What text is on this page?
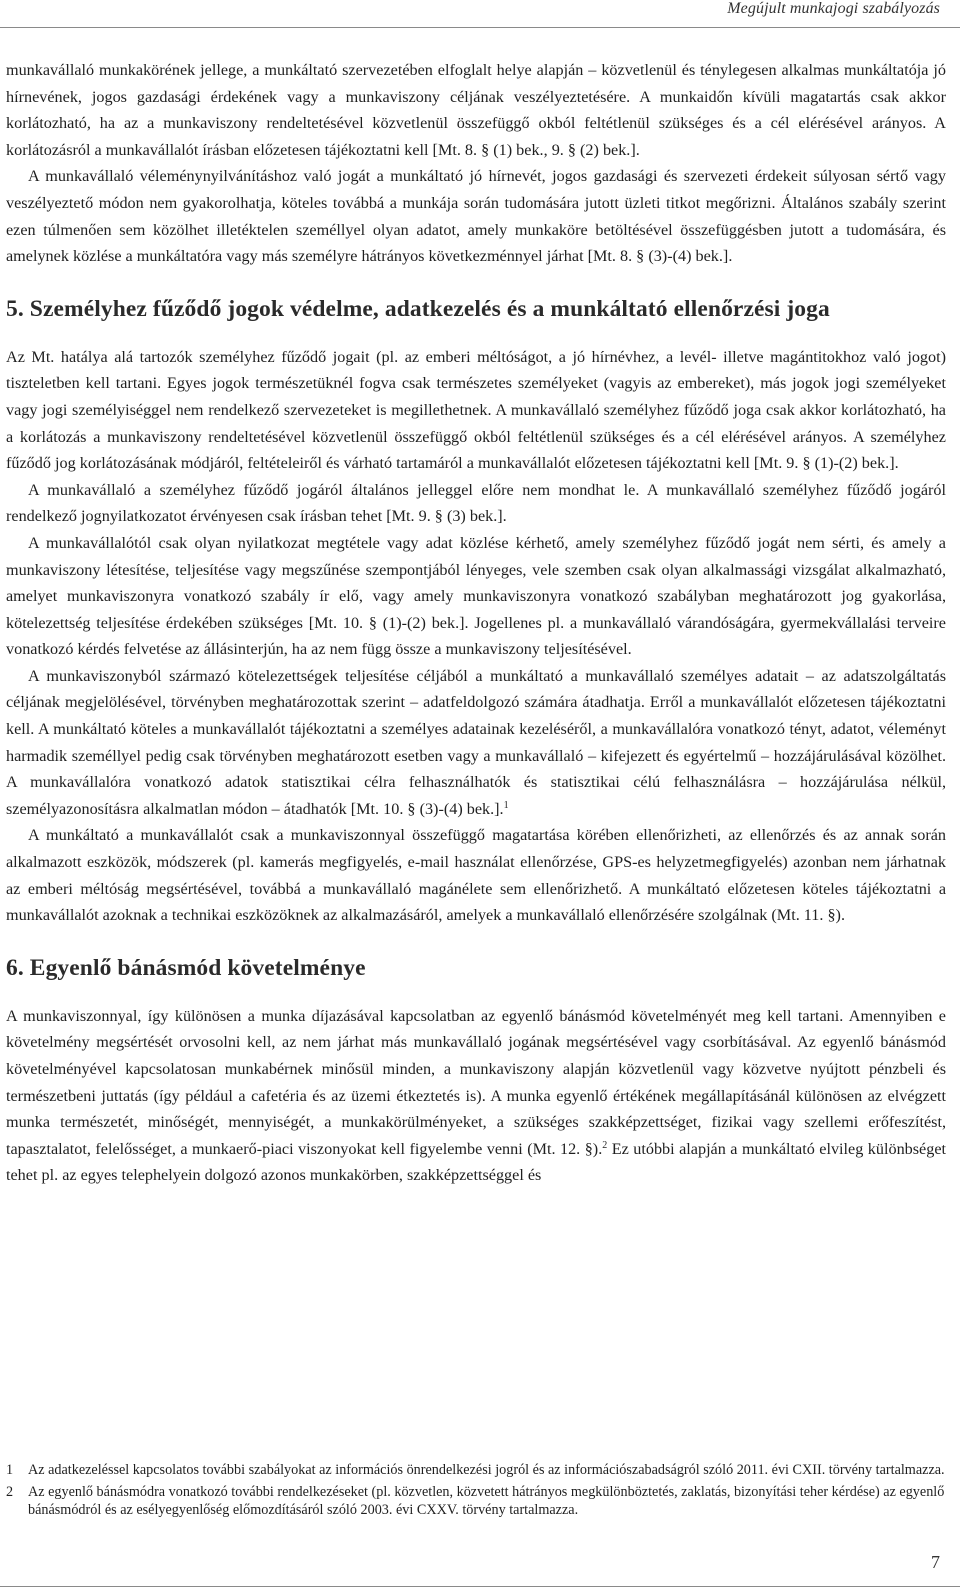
Megújult munkajogi szabályozás

munkavállaló munkakörének jellege, a munkáltató szervezetében elfoglalt helye alapján – közvetlenül és ténylegesen alkalmas munkáltatója jó hírnevének, jogos gazdasági érdekének vagy a munkaviszony céljának veszélyeztetésére. A munkaidőn kívüli magatartás csak akkor korlátozható, ha az a munkaviszony rendeltetésével közvetlenül összefüggő okból feltétlenül szükséges és a cél elérésével arányos. A korlátozásról a munkavállalót írásban előzetesen tájékoztatni kell [Mt. 8. § (1) bek., 9. § (2) bek.].

A munkavállaló véleménynyilvánításhoz való jogát a munkáltató jó hírnevét, jogos gazdasági és szervezeti érdekeit súlyosan sértő vagy veszélyeztető módon nem gyakorolhatja, köteles továbbá a munkája során tudomására jutott üzleti titkot megőrizni. Általános szabály szerint ezen túlmenően sem közölhet illetéktelen személlyel olyan adatot, amely munkaköre betöltésével összefüggésben jutott a tudomására, és amelynek közlése a munkáltatóra vagy más személyre hátrányos következménnyel járhat [Mt. 8. § (3)-(4) bek.].

5. Személyhez fűződő jogok védelme, adatkezelés és a munkáltató ellenőrzési joga

Az Mt. hatálya alá tartozók személyhez fűződő jogait (pl. az emberi méltóságot, a jó hírnévhez, a levél- illetve magántitokhoz való jogot) tiszteletben kell tartani. Egyes jogok természetüknél fogva csak természetes személyeket (vagyis az embereket), más jogok jogi személyeket vagy jogi személyiséggel nem rendelkező szervezeteket is megillethetnek. A munkavállaló személyhez fűződő joga csak akkor korlátozható, ha a korlátozás a munkaviszony rendeltetésével közvetlenül összefüggő okból feltétlenül szükséges és a cél elérésével arányos. A személyhez fűződő jog korlátozásának módjáról, feltételeiről és várható tartamáról a munkavállalót előzetesen tájékoztatni kell [Mt. 9. § (1)-(2) bek.].

A munkavállaló a személyhez fűződő jogáról általános jelleggel előre nem mondhat le. A munkavállaló személyhez fűződő jogáról rendelkező jognyilatkozatot érvényesen csak írásban tehet [Mt. 9. § (3) bek.].

A munkavállalótól csak olyan nyilatkozat megtétele vagy adat közlése kérhető, amely személyhez fűződő jogát nem sérti, és amely a munkaviszony létesítése, teljesítése vagy megszűnése szempontjából lényeges, vele szemben csak olyan alkalmassági vizsgálat alkalmazható, amelyet munkaviszonyra vonatkozó szabály ír elő, vagy amely munkaviszonyra vonatkozó szabályban meghatározott jog gyakorlása, kötelezettség teljesítése érdekében szükséges [Mt. 10. § (1)-(2) bek.]. Jogellenes pl. a munkavállaló várandóságára, gyermekvállalási terveire vonatkozó kérdés felvetése az állásinterjún, ha az nem függ össze a munkaviszony teljesítésével.

A munkaviszonyból származó kötelezettségek teljesítése céljából a munkáltató a munkavállaló személyes adatait – az adatszolgáltatás céljának megjelölésével, törvényben meghatározottak szerint – adatfeldolgozó számára átadhatja. Erről a munkavállalót előzetesen tájékoztatni kell. A munkáltató köteles a munkavállalót tájékoztatni a személyes adatainak kezeléséről, a munkavállalóra vonatkozó tényt, adatot, véleményt harmadik személlyel pedig csak törvényben meghatározott esetben vagy a munkavállaló – kifejezett és egyértelmű – hozzájárulásával közölhet. A munkavállalóra vonatkozó adatok statisztikai célra felhasználhatók és statisztikai célú felhasználásra – hozzájárulása nélkül, személyazonosításra alkalmatlan módon – átadhatók [Mt. 10. § (3)-(4) bek.].$^1$

A munkáltató a munkavállalót csak a munkaviszonnyal összefüggő magatartása körében ellenőrizheti, az ellenőrzés és az annak során alkalmazott eszközök, módszerek (pl. kamerás megfigyelés, e-mail használat ellenőrzése, GPS-es helyzetmegfigyelés) azonban nem járhatnak az emberi méltóság megsértésével, továbbá a munkavállaló magánélete sem ellenőrizhető. A munkáltató előzetesen köteles tájékoztatni a munkavállalót azoknak a technikai eszközöknek az alkalmazásáról, amelyek a munkavállaló ellenőrzésére szolgálnak (Mt. 11. §).

6. Egyenlő bánásmód követelménye

A munkaviszonnyal, így különösen a munka díjazásával kapcsolatban az egyenlő bánásmód követelményét meg kell tartani. Amennyiben e követelmény megsértését orvosolni kell, az nem járhat más munkavállaló jogának megsértésével vagy csorbításával. Az egyenlő bánásmód követelményével kapcsolatosan munkabérnek minősül minden, a munkaviszony alapján közvetlenül vagy közvetve nyújtott pénzbeli és természetbeni juttatás (így például a cafetéria és az üzemi étkeztetés is). A munka egyenlő értékének megállapításánál különösen az elvégzett munka természetét, minőségét, mennyiségét, a munkakörülményeket, a szükséges szakképzettséget, fizikai vagy szellemi erőfeszítést, tapasztalatot, felelősséget, a munkaerő-piaci viszonyokat kell figyelembe venni (Mt. 12. §).$^2$ Ez utóbbi alapján a munkáltató elvileg különbséget tehet pl. az egyes telephelyein dolgozó azonos munkakörben, szakképzettséggel és

1	Az adatkezeléssel kapcsolatos további szabályokat az információs önrendelkezési jogról és az információszabadságról szóló 2011. évi CXII. törvény tartalmazza.
2	Az egyenlő bánásmódra vonatkozó további rendelkezéseket (pl. közvetlen, közvetett hátrányos megkülönböztetés, zaklatás, bizonyítási teher kérdése) az egyenlő bánásmódról és az esélyegyenlőség előmozdításáról szóló 2003. évi CXXV. törvény tartalmazza.
7
